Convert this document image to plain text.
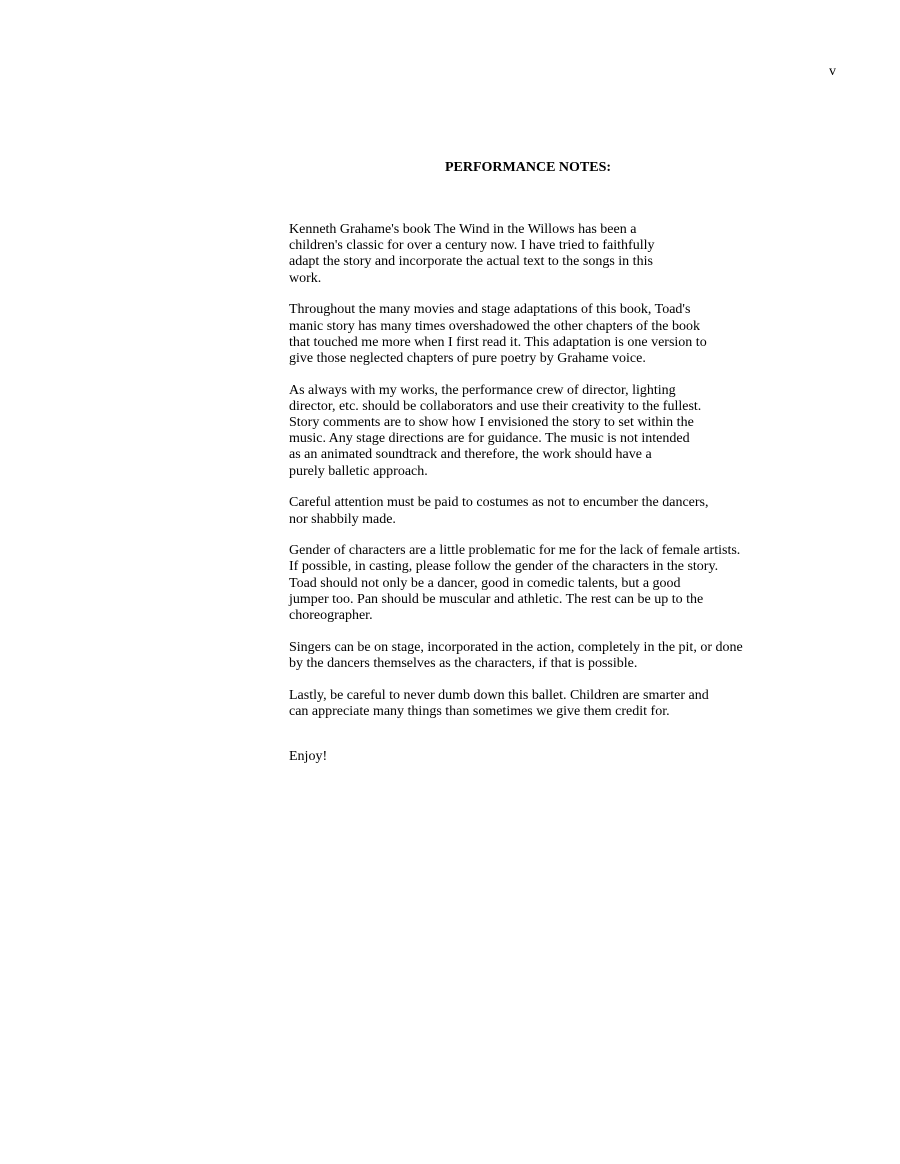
v
PERFORMANCE NOTES:
Kenneth Grahame's book The Wind in the Willows has been a
children's classic for over a century now. I have tried to faithfully
adapt the story and incorporate the actual text to the songs in this
work.
Throughout the many movies and stage adaptations of this book, Toad's
manic story has many times overshadowed the other chapters of the book
that touched me more when I first read it. This adaptation is one version to
give those neglected chapters of pure poetry by Grahame voice.
As always with my works, the performance crew of director, lighting
director, etc. should be collaborators and use their creativity to the fullest.
Story comments are to show how I envisioned the story to set within the
music. Any stage directions are for guidance. The music is not intended
as an animated soundtrack and therefore, the work should have a
purely balletic approach.
Careful attention must be paid to costumes as not to encumber the dancers,
nor shabbily made.
Gender of characters are a little problematic for me for the lack of female artists.
If possible, in casting, please follow the gender of the characters in the story.
Toad should not only be a dancer, good in comedic talents, but a good
jumper too. Pan should be muscular and athletic. The rest can be up to the
choreographer.
Singers can be on stage, incorporated in the action, completely in the pit, or done
by the dancers themselves as the characters, if that is possible.
Lastly, be careful to never dumb down this ballet. Children are smarter and
can appreciate many things than sometimes we give them credit for.
Enjoy!
